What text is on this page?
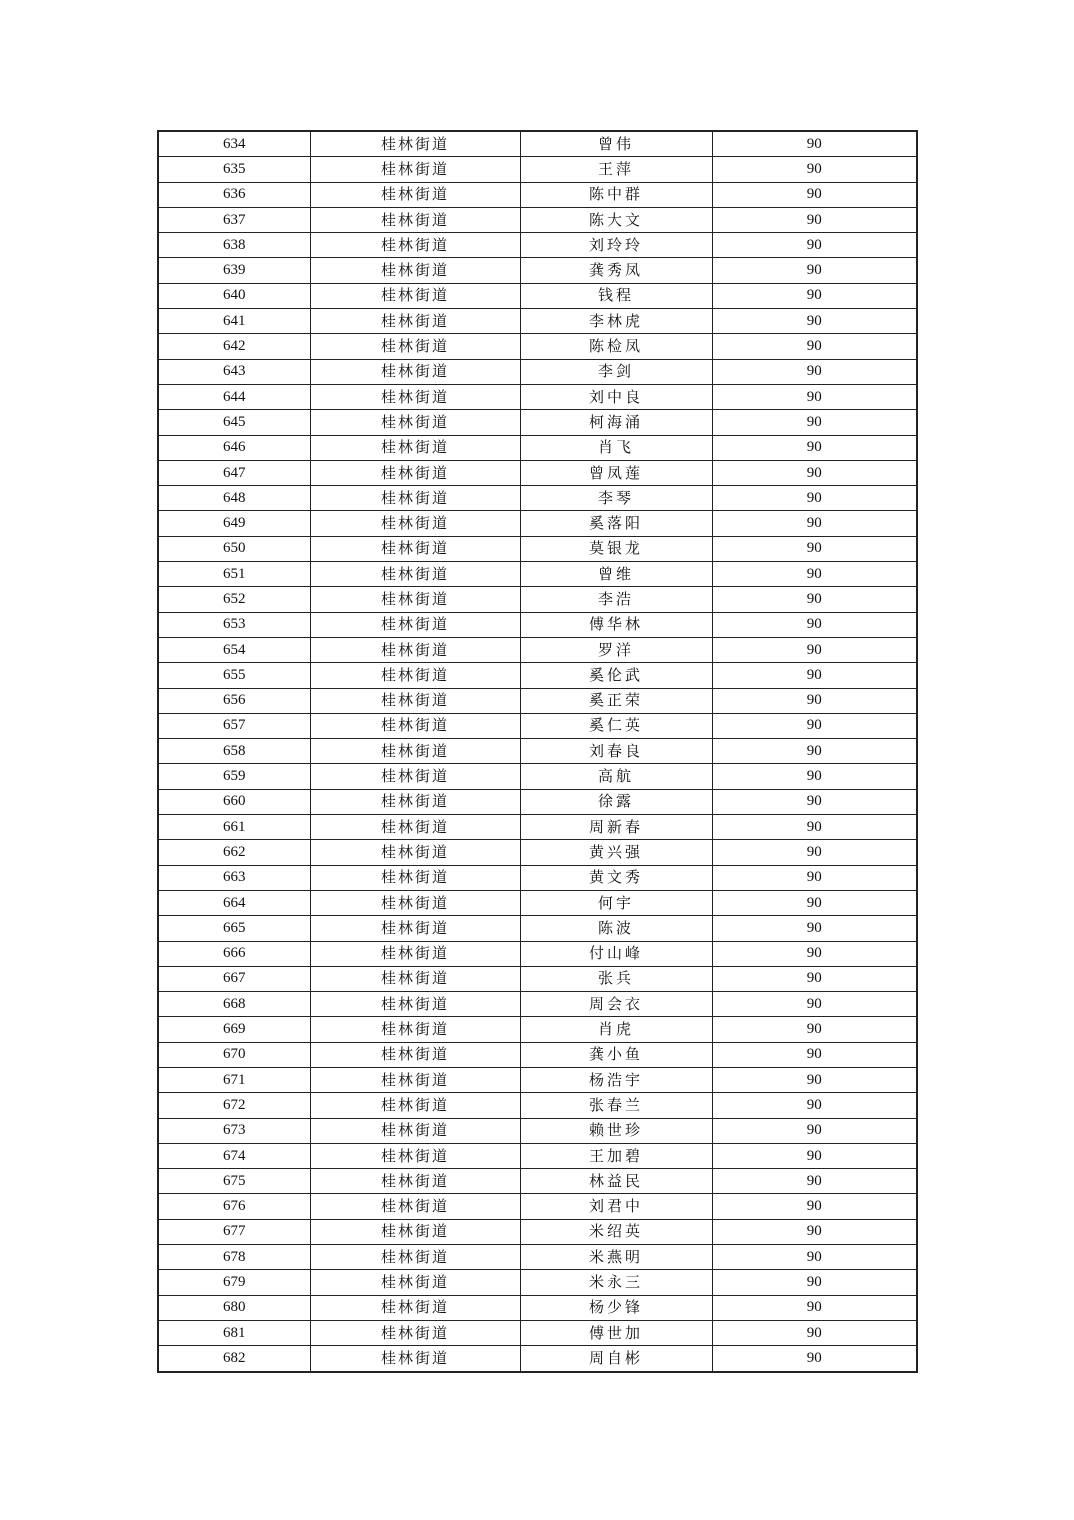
634	桂林街道	曾伟	90
635	桂林街道	王萍	90
636	桂林街道	陈中群	90
637	桂林街道	陈大文	90
638	桂林街道	刘玲玲	90
639	桂林街道	龚秀凤	90
640	桂林街道	钱程	90
641	桂林街道	李林虎	90
642	桂林街道	陈检凤	90
643	桂林街道	李剑	90
644	桂林街道	刘中良	90
645	桂林街道	柯海涌	90
646	桂林街道	肖飞	90
647	桂林街道	曾凤莲	90
648	桂林街道	李琴	90
649	桂林街道	奚落阳	90
650	桂林街道	莫银龙	90
651	桂林街道	曾维	90
652	桂林街道	李浩	90
653	桂林街道	傅华林	90
654	桂林街道	罗洋	90
655	桂林街道	奚伦武	90
656	桂林街道	奚正荣	90
657	桂林街道	奚仁英	90
658	桂林街道	刘春良	90
659	桂林街道	高航	90
660	桂林街道	徐露	90
661	桂林街道	周新春	90
662	桂林街道	黄兴强	90
663	桂林街道	黄文秀	90
664	桂林街道	何宇	90
665	桂林街道	陈波	90
666	桂林街道	付山峰	90
667	桂林街道	张兵	90
668	桂林街道	周会衣	90
669	桂林街道	肖虎	90
670	桂林街道	龚小鱼	90
671	桂林街道	杨浩宇	90
672	桂林街道	张春兰	90
673	桂林街道	赖世珍	90
674	桂林街道	王加碧	90
675	桂林街道	林益民	90
676	桂林街道	刘君中	90
677	桂林街道	米绍英	90
678	桂林街道	米燕明	90
679	桂林街道	米永三	90
680	桂林街道	杨少锋	90
681	桂林街道	傅世加	90
682	桂林街道	周自彬	90
